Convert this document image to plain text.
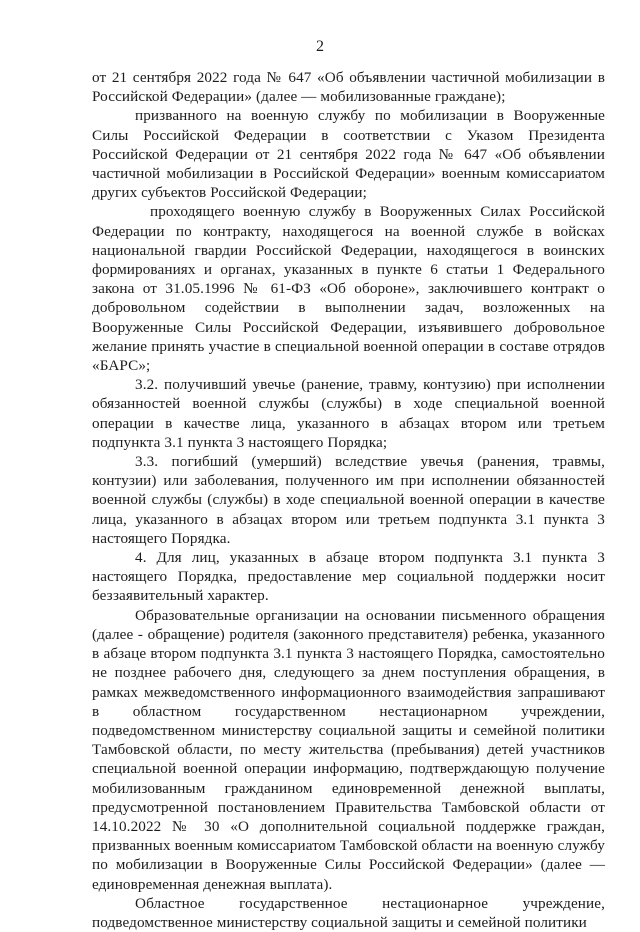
2

от 21 сентября 2022 года № 647 «Об объявлении частичной мобилизации в Российской Федерации» (далее — мобилизованные граждане);

призванного на военную службу по мобилизации в Вооруженные Силы Российской Федерации в соответствии с Указом Президента Российской Федерации от 21 сентября 2022 года № 647 «Об объявлении частичной мобилизации в Российской Федерации» военным комиссариатом других субъектов Российской Федерации;

проходящего военную службу в Вооруженных Силах Российской Федерации по контракту, находящегося на военной службе в войсках национальной гвардии Российской Федерации, находящегося в воинских формированиях и органах, указанных в пункте 6 статьи 1 Федерального закона от 31.05.1996 № 61-ФЗ «Об обороне», заключившего контракт о добровольном содействии в выполнении задач, возложенных на Вооруженные Силы Российской Федерации, изъявившего добровольное желание принять участие в специальной военной операции в составе отрядов «БАРС»;

3.2. получивший увечье (ранение, травму, контузию) при исполнении обязанностей военной службы (службы) в ходе специальной военной операции в качестве лица, указанного в абзацах втором или третьем подпункта 3.1 пункта 3 настоящего Порядка;

3.3. погибший (умерший) вследствие увечья (ранения, травмы, контузии) или заболевания, полученного им при исполнении обязанностей военной службы (службы) в ходе специальной военной операции в качестве лица, указанного в абзацах втором или третьем подпункта 3.1 пункта 3 настоящего Порядка.

4. Для лиц, указанных в абзаце втором подпункта 3.1 пункта 3 настоящего Порядка, предоставление мер социальной поддержки носит беззаявительный характер.

Образовательные организации на основании письменного обращения (далее - обращение) родителя (законного представителя) ребенка, указанного в абзаце втором подпункта 3.1 пункта 3 настоящего Порядка, самостоятельно не позднее рабочего дня, следующего за днем поступления обращения, в рамках межведомственного информационного взаимодействия запрашивают в областном государственном нестационарном учреждении, подведомственном министерству социальной защиты и семейной политики Тамбовской области, по месту жительства (пребывания) детей участников специальной военной операции информацию, подтверждающую получение мобилизованным гражданином единовременной денежной выплаты, предусмотренной постановлением Правительства Тамбовской области от 14.10.2022 № 30 «О дополнительной социальной поддержке граждан, призванных военным комиссариатом Тамбовской области на военную службу по мобилизации в Вооруженные Силы Российской Федерации» (далее — единовременная денежная выплата).

Областное государственное нестационарное учреждение, подведомственное министерству социальной защиты и семейной политики
